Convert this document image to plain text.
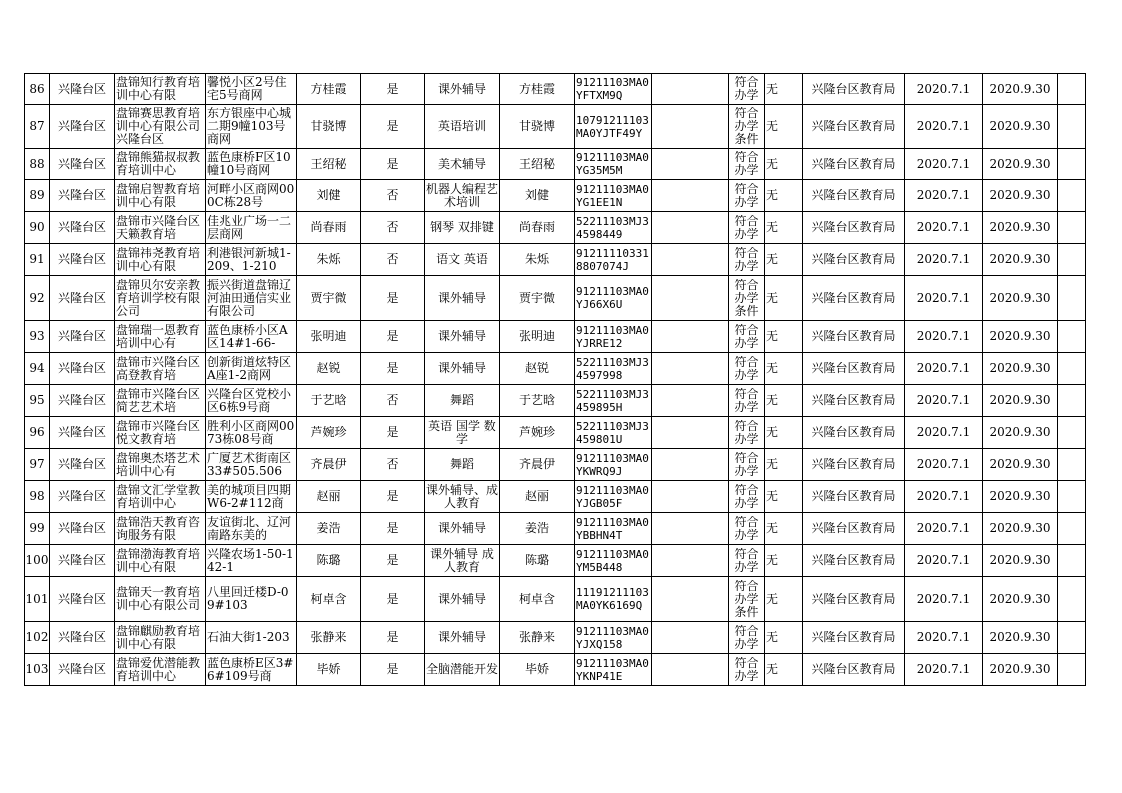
86	兴隆台区	盘锦知行教育培训中心有限	馨悦小区2号住宅5号商网	方桂霞	是	课外辅导	方桂霞	91211103MA0YFTXM9Q		符合办学	无	兴隆台区教育局	2020.7.1	2020.9.30	

87	兴隆台区	盘锦赛思教育培训中心有限公司兴隆台区	东方银座中心城二期9幢103号商网	甘骁博	是	英语培训	甘骁博	10791211103MA0YJTF49Y		符合办学条件	无	兴隆台区教育局	2020.7.1	2020.9.30	

88	兴隆台区	盘锦熊猫叔叔教育培训中心	蓝色康桥F区10幢10号商网	王绍秘	是	美术辅导	王绍秘	91211103MA0YG35M5M		符合办学	无	兴隆台区教育局	2020.7.1	2020.9.30	

89	兴隆台区	盘锦启智教育培训中心有限	河畔小区商网000C栋28号	刘健	否	机器人编程艺术培训	刘健	91211103MA0YG1EE1N		符合办学	无	兴隆台区教育局	2020.7.1	2020.9.30	

90	兴隆台区	盘锦市兴隆台区天籁教育培	佳兆业广场一二层商网	尚春雨	否	钢琴 双排键	尚春雨	52211103MJ34598449		符合办学	无	兴隆台区教育局	2020.7.1	2020.9.30	

91	兴隆台区	盘锦祎尧教育培训中心有限	利港银河新城1-209、1-210	朱烁	否	语文 英语	朱烁	912111103318807074J		符合办学	无	兴隆台区教育局	2020.7.1	2020.9.30	

92	兴隆台区	盘锦贝尔安亲教育培训学校有限公司	振兴街道盘锦辽河油田通信实业有限公司	贾宇微	是	课外辅导	贾宇微	91211103MA0YJ66X6U		符合办学条件	无	兴隆台区教育局	2020.7.1	2020.9.30	

93	兴隆台区	盘锦瑞一恩教育培训中心有	蓝色康桥小区A区14#1-66-	张明迪	是	课外辅导	张明迪	91211103MA0YJRRE12		符合办学	无	兴隆台区教育局	2020.7.1	2020.9.30	

94	兴隆台区	盘锦市兴隆台区高登教育培	创新街道炫特区A座1-2商网	赵锐	是	课外辅导	赵锐	52211103MJ34597998		符合办学	无	兴隆台区教育局	2020.7.1	2020.9.30	

95	兴隆台区	盘锦市兴隆台区简艺艺术培	兴隆台区党校小区6栋9号商	于艺晗	否	舞蹈	于艺晗	52211103MJ3459895H		符合办学	无	兴隆台区教育局	2020.7.1	2020.9.30	

96	兴隆台区	盘锦市兴隆台区悦文教育培	胜利小区商网0073栋08号商	芦婉珍	是	英语 国学 数学	芦婉珍	52211103MJ3459801U		符合办学	无	兴隆台区教育局	2020.7.1	2020.9.30	

97	兴隆台区	盘锦奥杰塔艺术培训中心有	广厦艺术街南区33#505.506	齐晨伊	否	舞蹈	齐晨伊	91211103MA0YKWRQ9J		符合办学	无	兴隆台区教育局	2020.7.1	2020.9.30	

98	兴隆台区	盘锦文汇学堂教育培训中心	美的城项目四期W6-2#112商	赵丽	是	课外辅导、成人教育	赵丽	91211103MA0YJGB05F		符合办学	无	兴隆台区教育局	2020.7.1	2020.9.30	

99	兴隆台区	盘锦浩天教育咨询服务有限	友谊街北、辽河南路东美的	姜浩	是	课外辅导	姜浩	91211103MA0YBBHN4T		符合办学	无	兴隆台区教育局	2020.7.1	2020.9.30	

100	兴隆台区	盘锦渤海教育培训中心有限	兴隆农场1-50-142-1	陈璐	是	课外辅导 成人教育	陈璐	91211103MA0YM5B448		符合办学	无	兴隆台区教育局	2020.7.1	2020.9.30	

101	兴隆台区	盘锦天一教育培训中心有限公司	八里回迁楼D-09#103	柯卓含	是	课外辅导	柯卓含	11191211103MA0YK6169Q		符合办学条件	无	兴隆台区教育局	2020.7.1	2020.9.30	

102	兴隆台区	盘锦麒励教育培训中心有限	石油大街1-203	张静来	是	课外辅导	张静来	91211103MA0YJXQ158		符合办学	无	兴隆台区教育局	2020.7.1	2020.9.30	

103	兴隆台区	盘锦爱优潜能教育培训中心	蓝色康桥E区3#6#109号商	毕娇	是	全脑潜能开发	毕娇	91211103MA0YKNP41E		符合办学	无	兴隆台区教育局	2020.7.1	2020.9.30	
